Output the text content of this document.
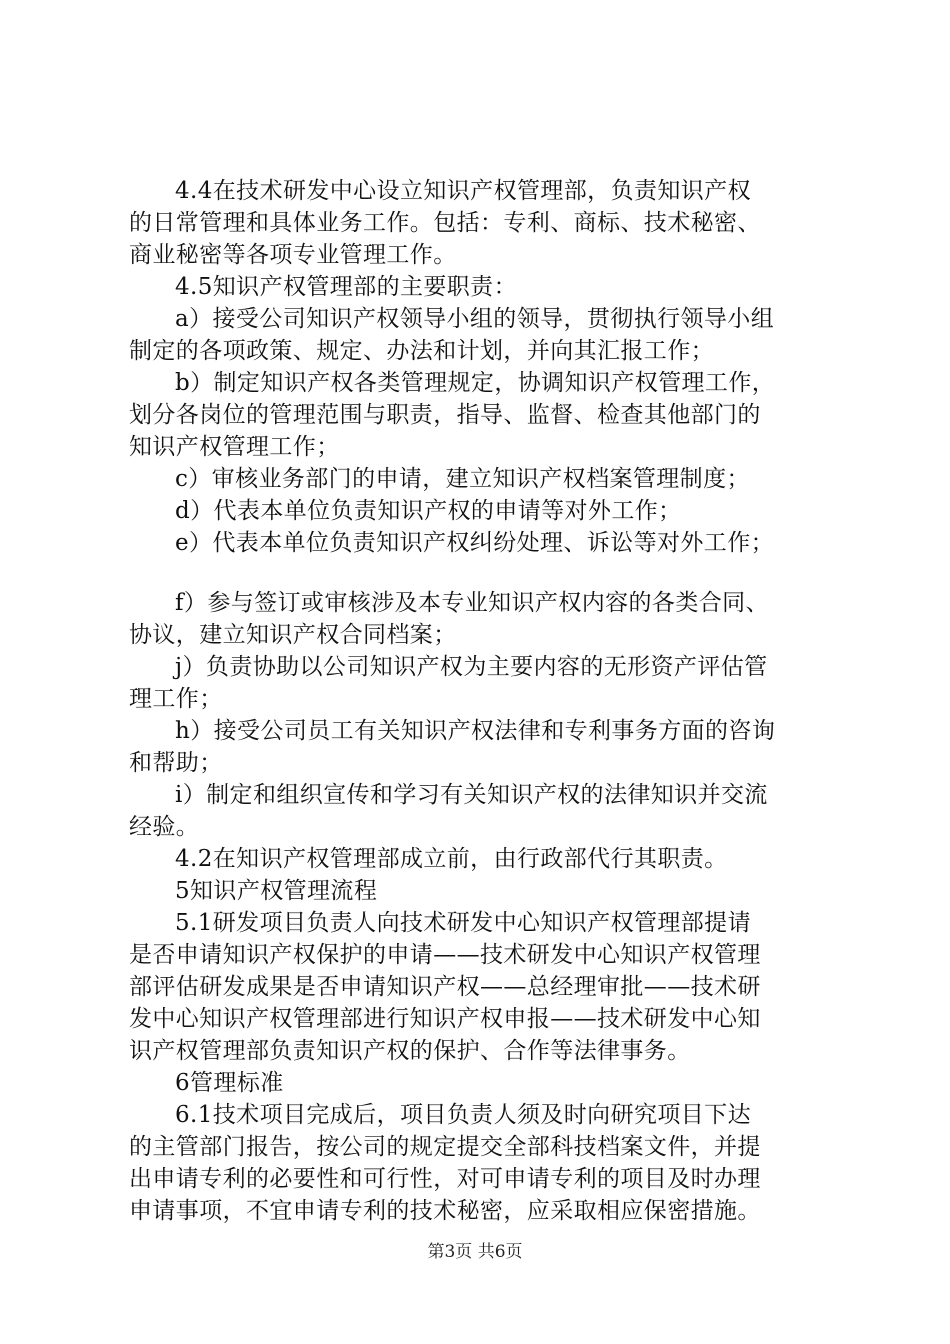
4.4在技术研发中心设立知识产权管理部，负责知识产权
的日常管理和具体业务工作。包括：专利、商标、技术秘密、
商业秘密等各项专业管理工作。
4.5知识产权管理部的主要职责：
a）接受公司知识产权领导小组的领导，贯彻执行领导小组
制定的各项政策、规定、办法和计划，并向其汇报工作；
b）制定知识产权各类管理规定，协调知识产权管理工作，
划分各岗位的管理范围与职责，指导、监督、检查其他部门的
知识产权管理工作；
c）审核业务部门的申请，建立知识产权档案管理制度；
d）代表本单位负责知识产权的申请等对外工作；
e）代表本单位负责知识产权纠纷处理、诉讼等对外工作；
f）参与签订或审核涉及本专业知识产权内容的各类合同、
协议，建立知识产权合同档案；
j）负责协助以公司知识产权为主要内容的无形资产评估管
理工作；
h）接受公司员工有关知识产权法律和专利事务方面的咨询
和帮助；
i）制定和组织宣传和学习有关知识产权的法律知识并交流
经验。
4.2在知识产权管理部成立前，由行政部代行其职责。
5知识产权管理流程
5.1研发项目负责人向技术研发中心知识产权管理部提请
是否申请知识产权保护的申请——技术研发中心知识产权管理
部评估研发成果是否申请知识产权——总经理审批——技术研
发中心知识产权管理部进行知识产权申报——技术研发中心知
识产权管理部负责知识产权的保护、合作等法律事务。
6管理标准
6.1技术项目完成后，项目负责人须及时向研究项目下达
的主管部门报告，按公司的规定提交全部科技档案文件，并提
出申请专利的必要性和可行性，对可申请专利的项目及时办理
申请事项，不宜申请专利的技术秘密，应采取相应保密措施。
第3页 共6页
